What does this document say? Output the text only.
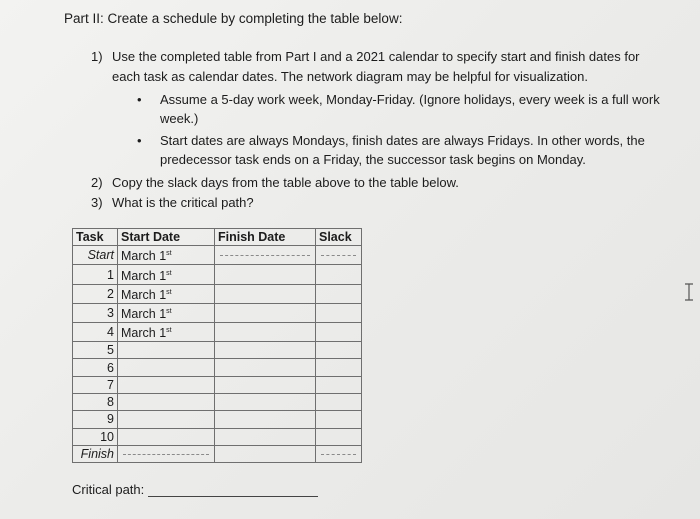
Part II: Create a schedule by completing the table below:
1) Use the completed table from Part I and a 2021 calendar to specify start and finish dates for each task as calendar dates. The network diagram may be helpful for visualization.
• Assume a 5-day work week, Monday-Friday. (Ignore holidays, every week is a full work week.)
• Start dates are always Mondays, finish dates are always Fridays. In other words, the predecessor task ends on a Friday, the successor task begins on Monday.
2) Copy the slack days from the table above to the table below.
3) What is the critical path?
Task	Start Date	Finish Date	Slack
Start	March 1st	

1	March 1st		
2	March 1st		
3	March 1st		
4	March 1st		
5			
6			
7			
8			
9			
10			
Finish	

Critical path:
